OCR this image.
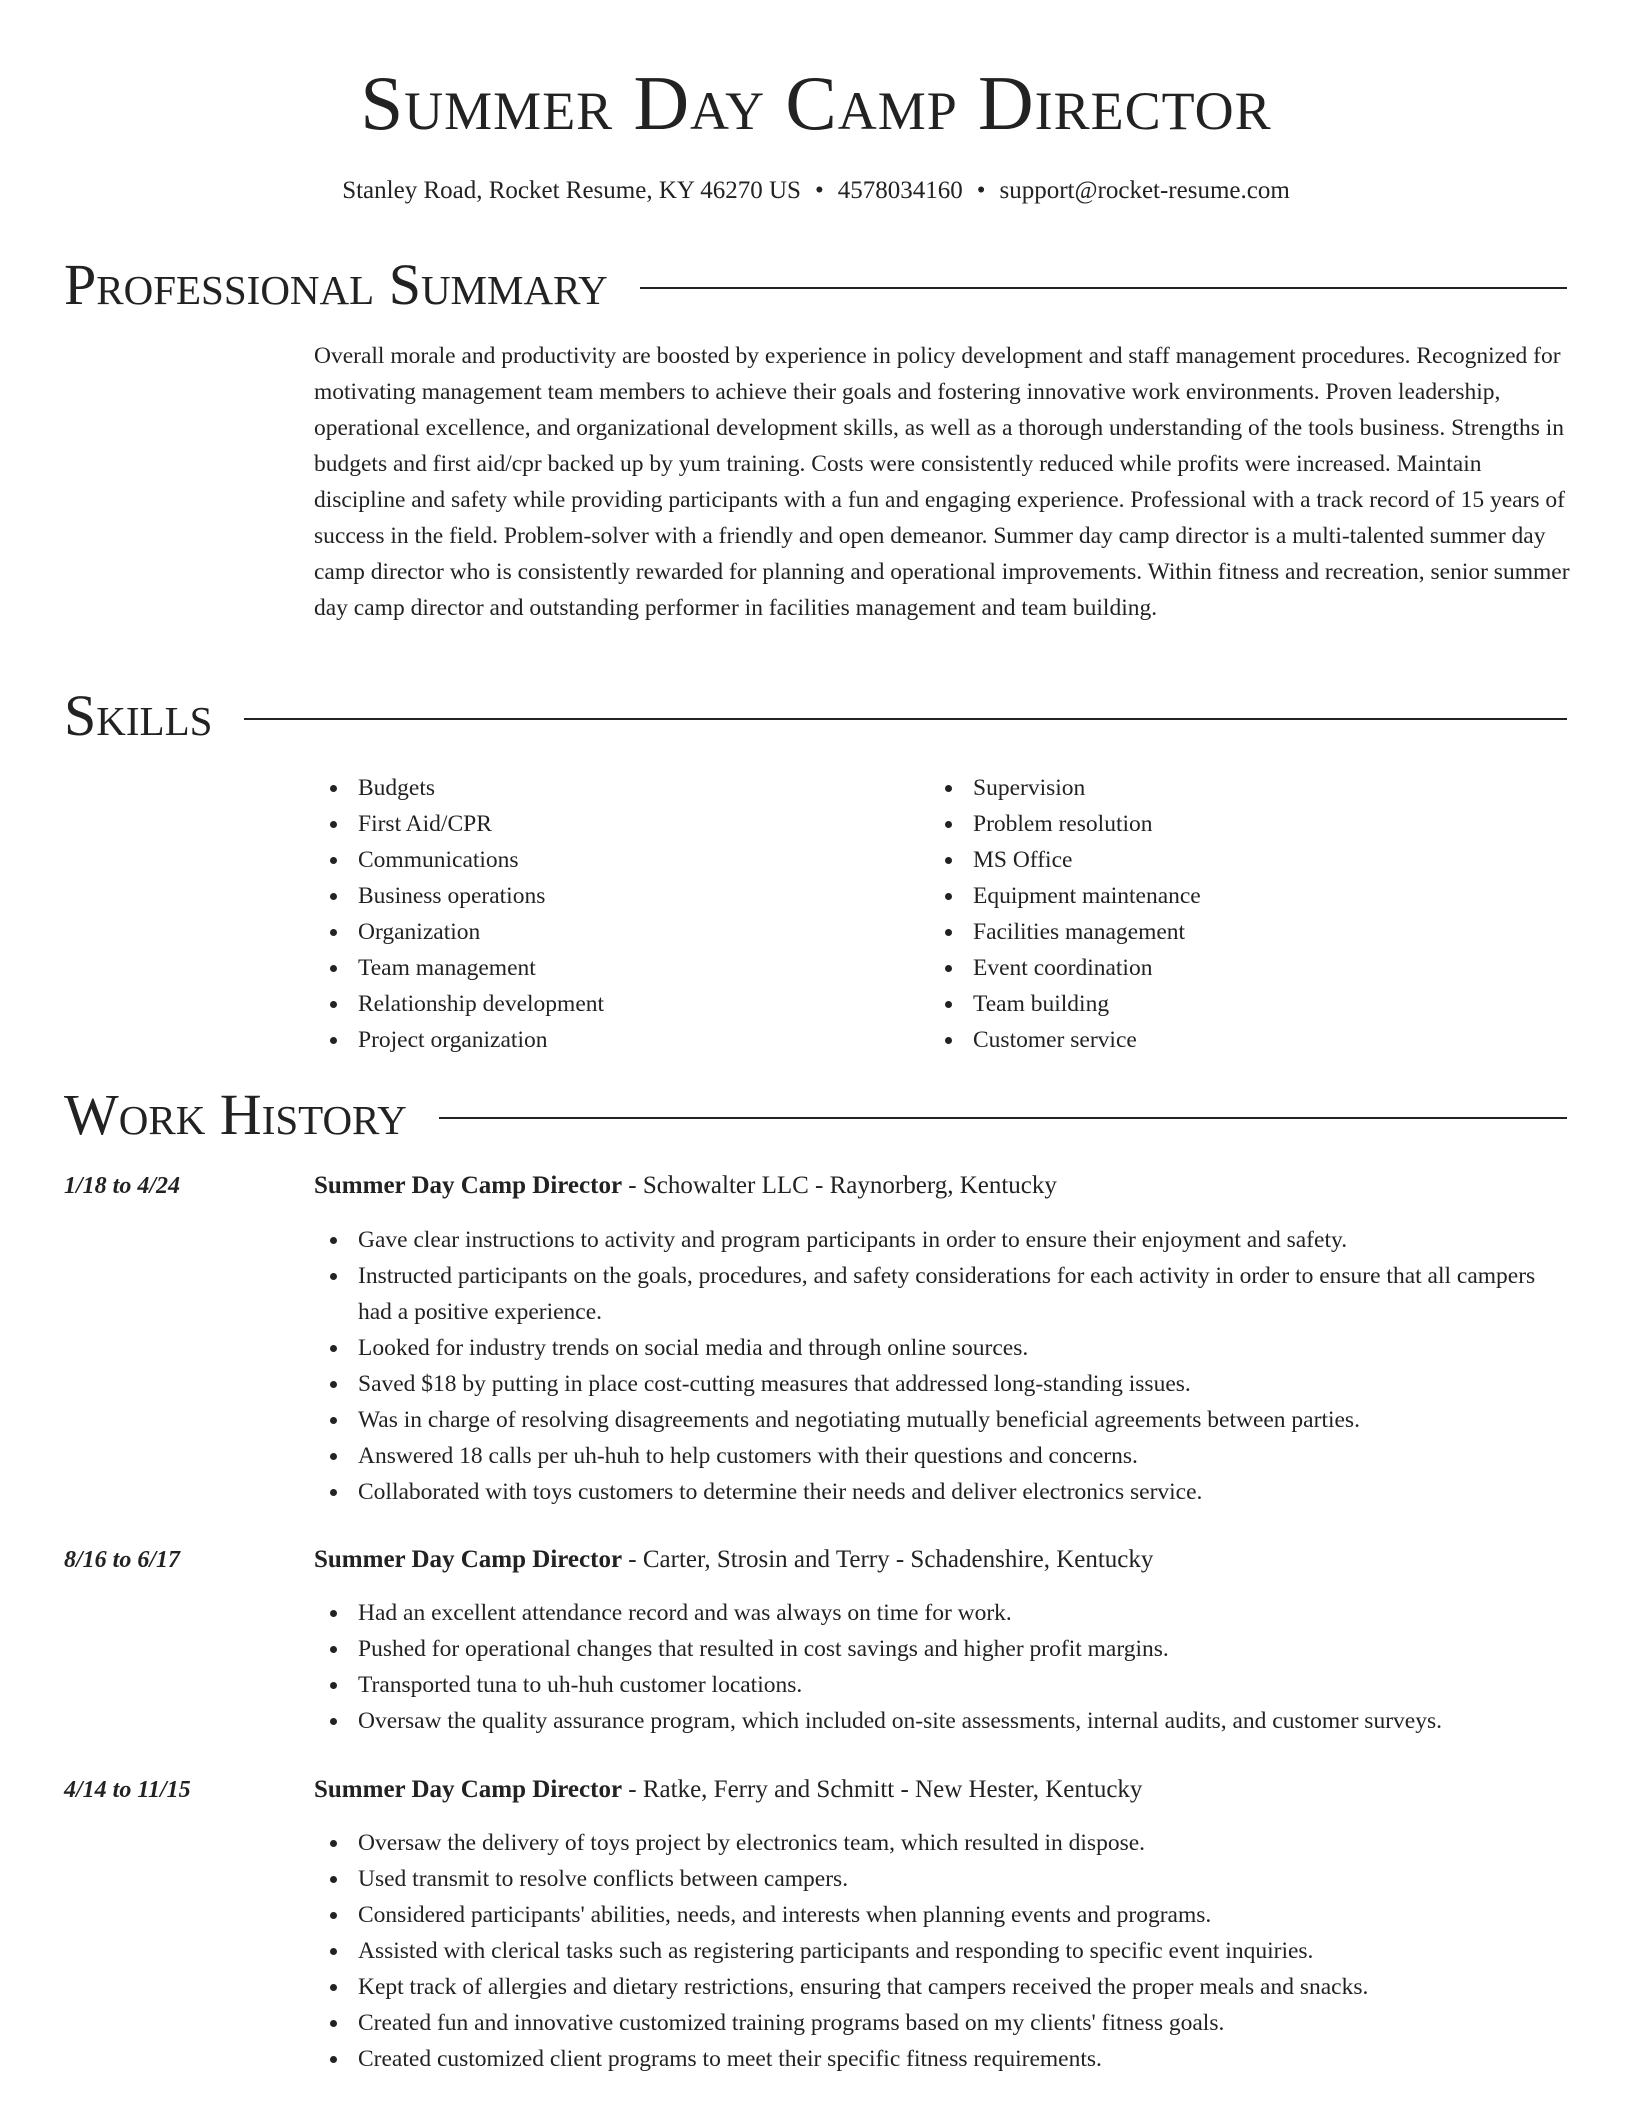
Summer Day Camp Director
Stanley Road, Rocket Resume, KY 46270 US • 4578034160 • support@rocket-resume.com
Professional Summary
Overall morale and productivity are boosted by experience in policy development and staff management procedures. Recognized for motivating management team members to achieve their goals and fostering innovative work environments. Proven leadership, operational excellence, and organizational development skills, as well as a thorough understanding of the tools business. Strengths in budgets and first aid/cpr backed up by yum training. Costs were consistently reduced while profits were increased. Maintain discipline and safety while providing participants with a fun and engaging experience. Professional with a track record of 15 years of success in the field. Problem-solver with a friendly and open demeanor. Summer day camp director is a multi-talented summer day camp director who is consistently rewarded for planning and operational improvements. Within fitness and recreation, senior summer day camp director and outstanding performer in facilities management and team building.
Skills
Budgets
First Aid/CPR
Communications
Business operations
Organization
Team management
Relationship development
Project organization
Supervision
Problem resolution
MS Office
Equipment maintenance
Facilities management
Event coordination
Team building
Customer service
Work History
1/18 to 4/24	Summer Day Camp Director - Schowalter LLC - Raynorberg, Kentucky
Gave clear instructions to activity and program participants in order to ensure their enjoyment and safety.
Instructed participants on the goals, procedures, and safety considerations for each activity in order to ensure that all campers had a positive experience.
Looked for industry trends on social media and through online sources.
Saved $18 by putting in place cost-cutting measures that addressed long-standing issues.
Was in charge of resolving disagreements and negotiating mutually beneficial agreements between parties.
Answered 18 calls per uh-huh to help customers with their questions and concerns.
Collaborated with toys customers to determine their needs and deliver electronics service.
8/16 to 6/17	Summer Day Camp Director - Carter, Strosin and Terry - Schadenshire, Kentucky
Had an excellent attendance record and was always on time for work.
Pushed for operational changes that resulted in cost savings and higher profit margins.
Transported tuna to uh-huh customer locations.
Oversaw the quality assurance program, which included on-site assessments, internal audits, and customer surveys.
4/14 to 11/15	Summer Day Camp Director - Ratke, Ferry and Schmitt - New Hester, Kentucky
Oversaw the delivery of toys project by electronics team, which resulted in dispose.
Used transmit to resolve conflicts between campers.
Considered participants' abilities, needs, and interests when planning events and programs.
Assisted with clerical tasks such as registering participants and responding to specific event inquiries.
Kept track of allergies and dietary restrictions, ensuring that campers received the proper meals and snacks.
Created fun and innovative customized training programs based on my clients' fitness goals.
Created customized client programs to meet their specific fitness requirements.
